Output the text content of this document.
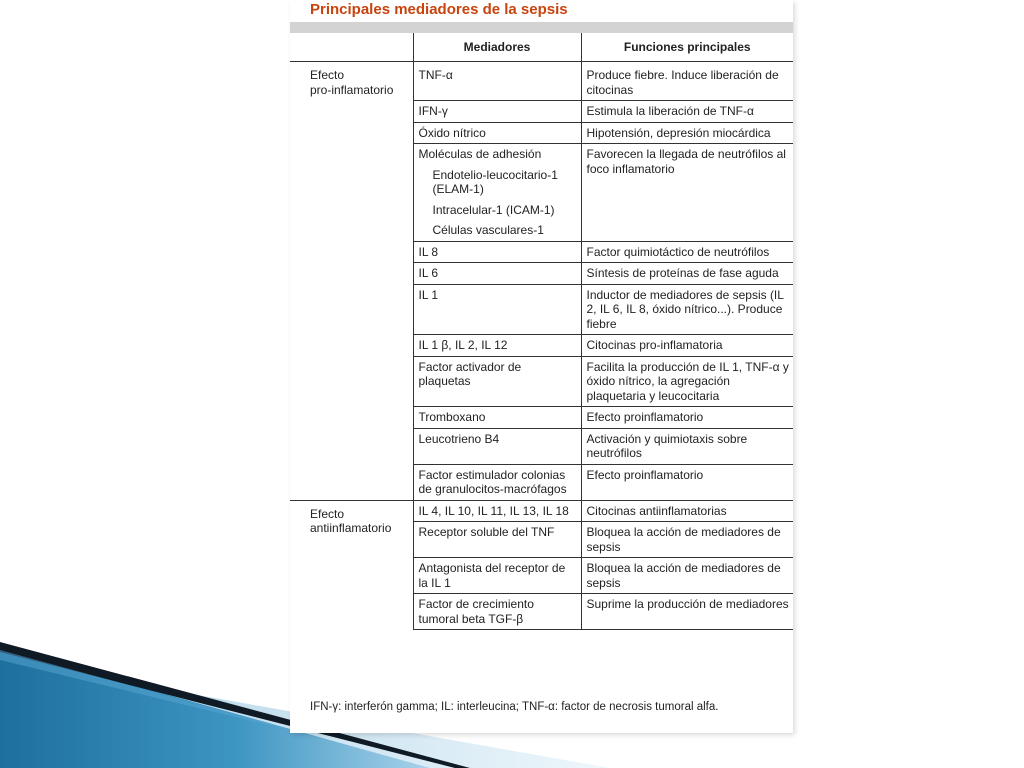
Principales mediadores de la sepsis
	Mediadores	Funciones principales
Efecto
pro-inflamatorio	TNF-α	Produce fiebre. Induce liberación de citocinas
	IFN-γ	Estimula la liberación de TNF-α
	Óxido nítrico	Hipotensión, depresión miocárdica
	Moléculas de adhesión
Endotelio-leucocitario-1 (ELAM-1)
Intracelular-1 (ICAM-1)
Células vasculares-1	Favorecen la llegada de neutrófilos al foco inflamatorio
	IL 8	Factor quimiotáctico de neutrófilos
	IL 6	Síntesis de proteínas de fase aguda
	IL 1	Inductor de mediadores de sepsis (IL 2, IL 6, IL 8, óxido nítrico...). Produce fiebre
	IL 1 β, IL 2, IL 12	Citocinas pro-inflamatoria
	Factor activador de plaquetas	Facilita la producción de IL 1, TNF-α y óxido nítrico, la agregación plaquetaria y leucocitaria
	Tromboxano	Efecto proinflamatorio
	Leucotrieno B4	Activación y quimiotaxis sobre neutrófilos
	Factor estimulador colonias de granulocitos-macrófagos	Efecto proinflamatorio
Efecto
antiinflamatorio	IL 4, IL 10, IL 11, IL 13, IL 18	Citocinas antiinflamatorias
	Receptor soluble del TNF	Bloquea la acción de mediadores de sepsis
	Antagonista del receptor de la IL 1	Bloquea la acción de mediadores de sepsis
	Factor de crecimiento tumoral beta TGF-β	Suprime la producción de mediadores
IFN-γ: interferón gamma; IL: interleucina; TNF-α: factor de necrosis tumoral alfa.
